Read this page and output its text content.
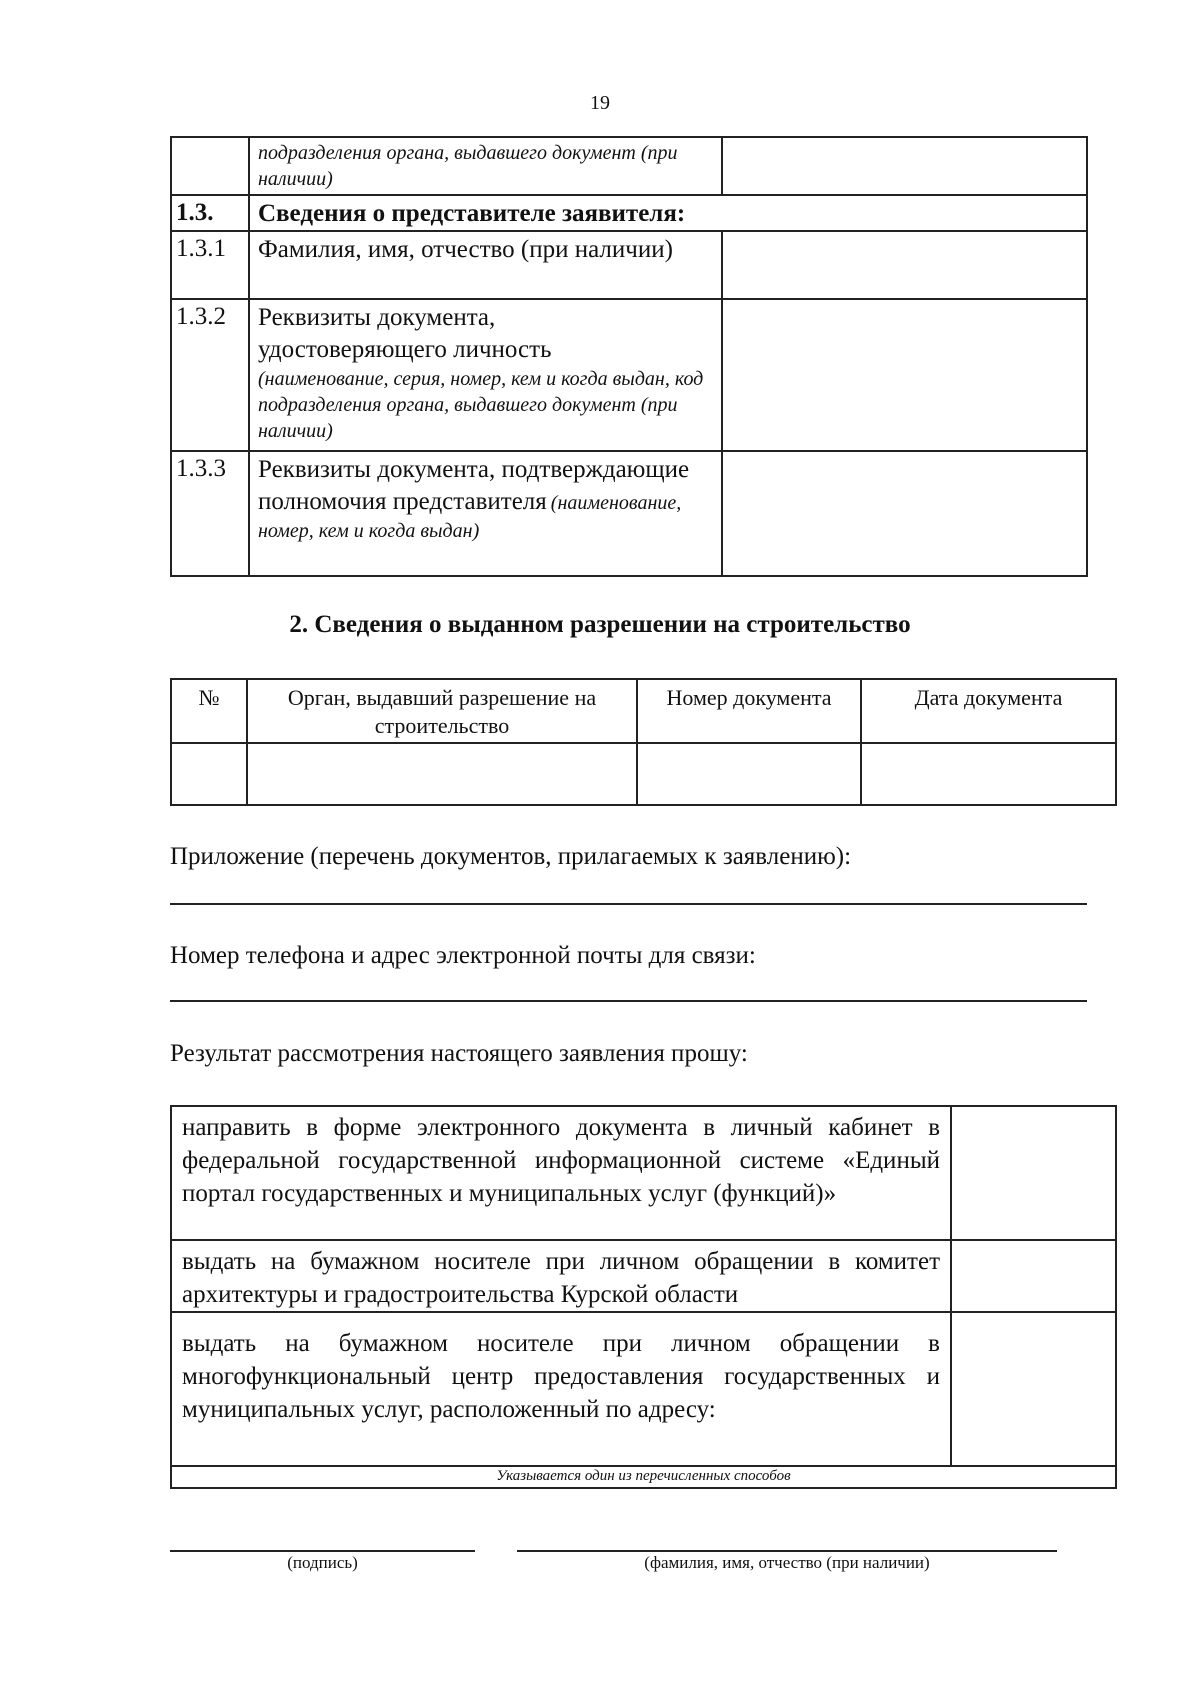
19

	подразделения органа, выдавшего документ (при наличии)	

1.3.	Сведения о представителе заявителя:	

1.3.1	Фамилия, имя, отчество (при наличии)	

1.3.2	Реквизиты документа, удостоверяющего личность
(наименование, серия, номер, кем и когда выдан, код подразделения органа, выдавшего документ (при наличии)	

1.3.3	Реквизиты документа, подтверждающие полномочия представителя (наименование, номер, кем и когда выдан)	
2. Сведения о выданном разрешении на строительство
№	Орган, выдавший разрешение на строительство	Номер документа	Дата документа

Приложение (перечень документов, прилагаемых к заявлению):
Номер телефона и адрес электронной почты для связи:
Результат рассмотрения настоящего заявления прошу:
направить в форме электронного документа в личный кабинет в федеральной государственной информационной системе «Единый портал государственных и муниципальных услуг (функций)»	
выдать на бумажном носителе при личном обращении в комитет архитектуры и градостроительства Курской области	
выдать на бумажном носителе при личном обращении в многофункциональный центр предоставления государственных и муниципальных услуг, расположенный по адресу:	
Указывается один из перечисленных способов	
(подпись)	(фамилия, имя, отчество (при наличии)
